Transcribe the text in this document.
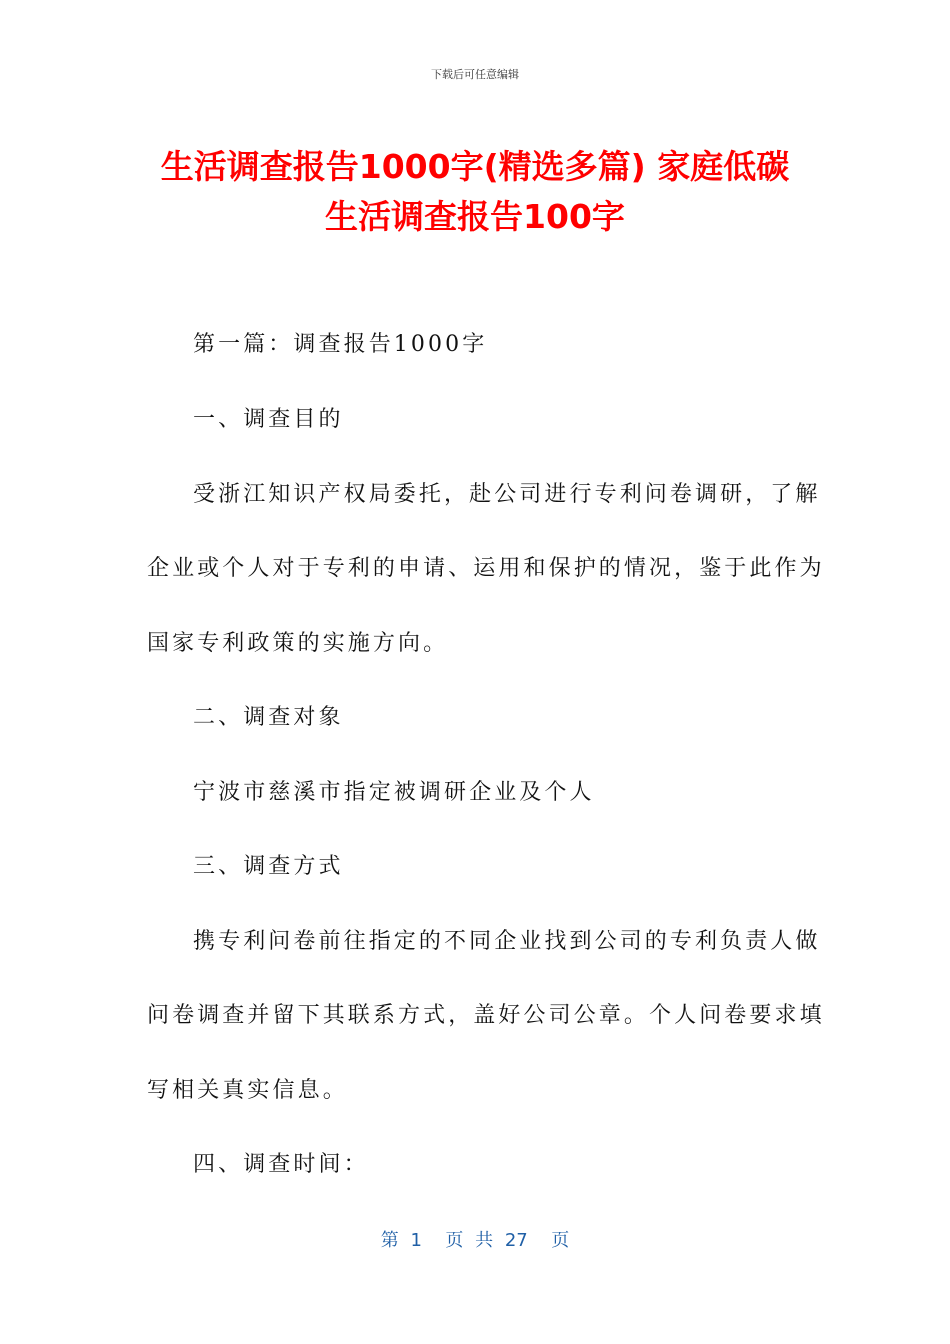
下载后可任意编辑
生活调查报告1000字(精选多篇) 家庭低碳
生活调查报告100字

第一篇：调查报告1000字

一、调查目的

受浙江知识产权局委托，赴公司进行专利问卷调研，了解

企业或个人对于专利的申请、运用和保护的情况，鉴于此作为

国家专利政策的实施方向。

二、调查对象

宁波市慈溪市指定被调研企业及个人

三、调查方式

携专利问卷前往指定的不同企业找到公司的专利负责人做

问卷调查并留下其联系方式，盖好公司公章。个人问卷要求填

写相关真实信息。

四、调查时间：

第 1  页 共 27  页
